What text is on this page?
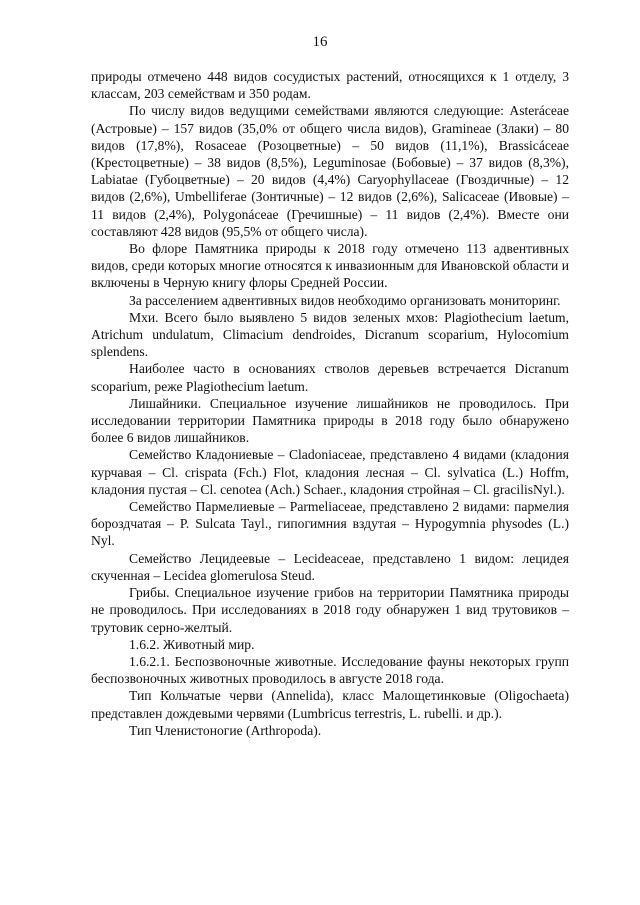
16

природы отмечено 448 видов сосудистых растений, относящихся к 1 отделу, 3 классам, 203 семействам и 350 родам.

По числу видов ведущими семействами являются следующие: Asteráceae (Астровые) – 157 видов (35,0% от общего числа видов), Gramineae (Злаки) – 80 видов (17,8%), Rosaceae (Розоцветные) – 50 видов (11,1%), Brassicáceae (Крестоцветные) – 38 видов (8,5%), Leguminosae (Бобовые) – 37 видов (8,3%), Labiatae (Губоцветные) – 20 видов (4,4%) Caryophyllaceae (Гвоздичные) – 12 видов (2,6%), Umbelliferae (Зонтичные) – 12 видов (2,6%), Salicaceae (Ивовые) – 11 видов (2,4%), Polygonáceae (Гречишные) – 11 видов (2,4%). Вместе они составляют 428 видов (95,5% от общего числа).

Во флоре Памятника природы к 2018 году отмечено 113 адвентивных видов, среди которых многие относятся к инвазионным для Ивановской области и включены в Черную книгу флоры Средней России.

За расселением адвентивных видов необходимо организовать мониторинг.

Мхи. Всего было выявлено 5 видов зеленых мхов: Plagiothecium laetum, Atrichum undulatum, Climacium dendroides, Dicranum scoparium, Hylocomium splendens.

Наиболее часто в основаниях стволов деревьев встречается Dicranum scoparium, реже Plagiothecium laetum.

Лишайники. Специальное изучение лишайников не проводилось. При исследовании территории Памятника природы в 2018 году было обнаружено более 6 видов лишайников.

Семейство Кладониевые – Cladoniaceae, представлено 4 видами (кладония курчавая – Cl. crispata (Fch.) Flot, кладония лесная – Cl. sylvatica (L.) Hoffm, кладония пустая – Cl. cenotea (Ach.) Schaer., кладония стройная – Cl. gracilisNyl.).

Семейство Пармелиевые – Parmeliaceae, представлено 2 видами: пармелия бороздчатая – P. Sulcata Tayl., гипогимния вздутая – Hypogymnia physodes (L.) Nyl.

Семейство Лецидеевые – Lecideaceae, представлено 1 видом: лецидея скученная – Lecidea glomerulosa Steud.

Грибы. Специальное изучение грибов на территории Памятника природы не проводилось. При исследованиях в 2018 году обнаружен 1 вид трутовиков – трутовик серно-желтый.

1.6.2. Животный мир.

1.6.2.1. Беспозвоночные животные. Исследование фауны некоторых групп беспозвоночных животных проводилось в августе 2018 года.

Тип Кольчатые черви (Annelida), класс Малощетинковые (Oligochaeta) представлен дождевыми червями (Lumbricus terrestris, L. rubelli. и др.).

Тип Членистоногие (Arthropoda).
